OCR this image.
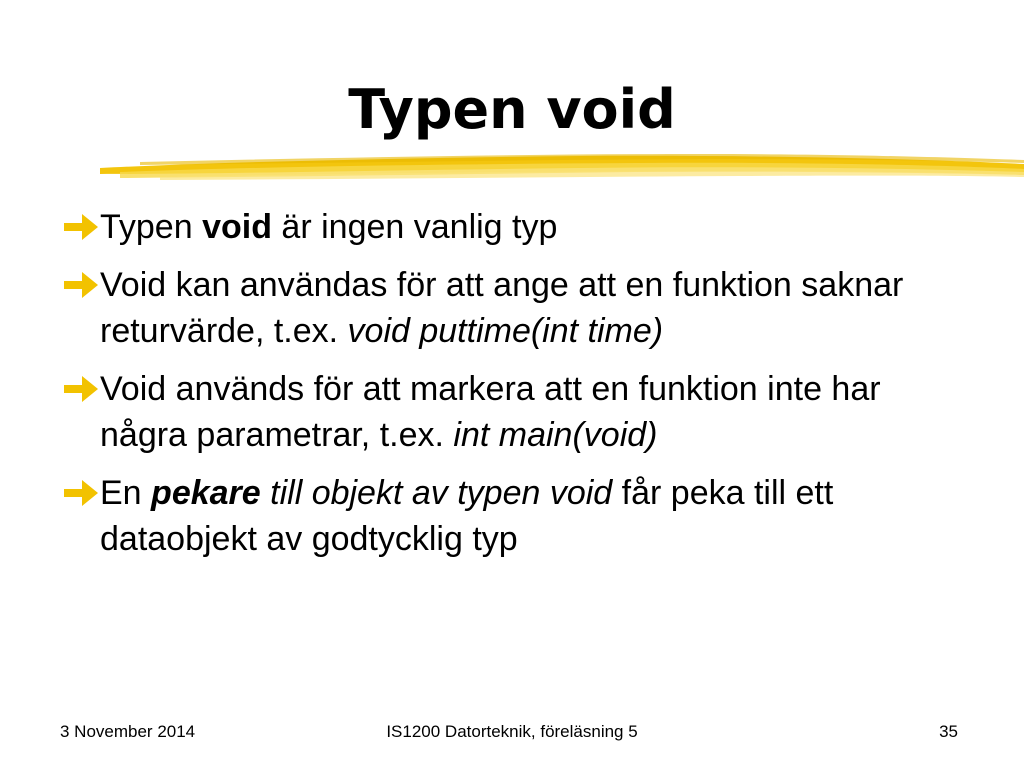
Typen void
Typen void är ingen vanlig typ
Void kan användas för att ange att en funktion saknar returvärde, t.ex. void puttime(int time)
Void används för att markera att en funktion inte har några parametrar, t.ex. int main(void)
En pekare till objekt av typen void får peka till ett dataobjekt av godtycklig typ
3 November 2014	IS1200 Datorteknik, föreläsning 5	35
